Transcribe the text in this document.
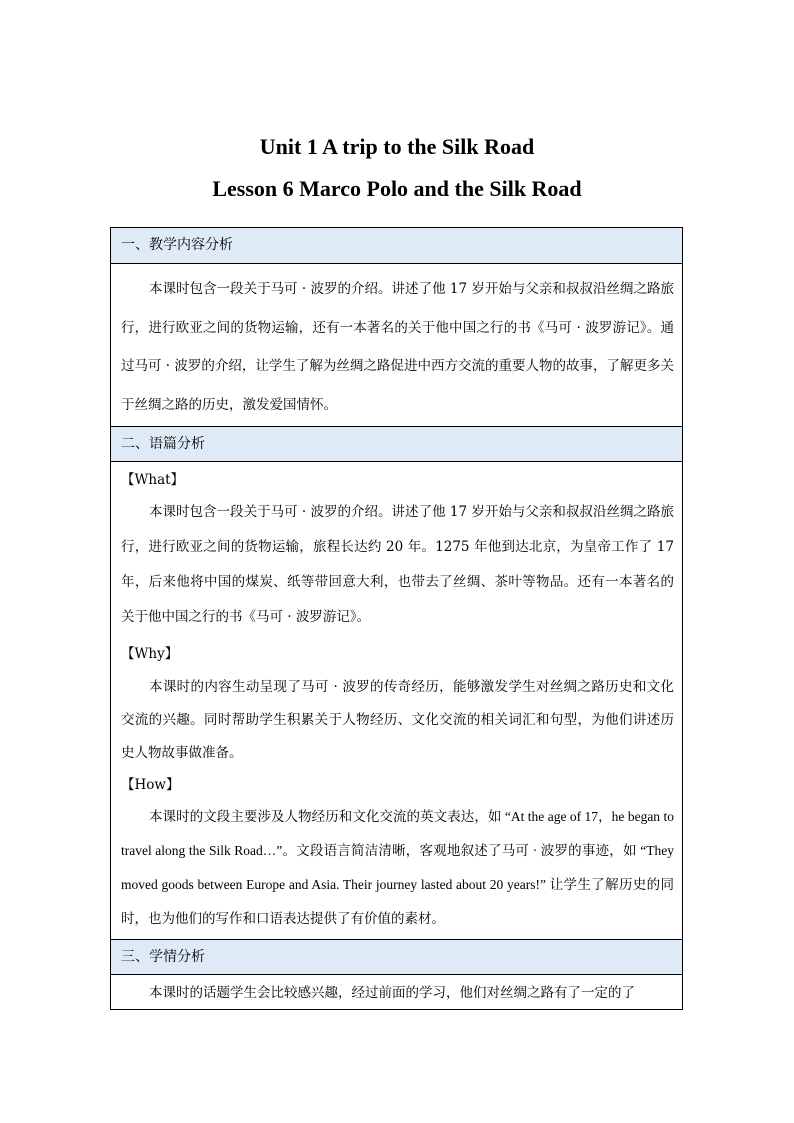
Unit 1 A trip to the Silk Road

Lesson 6 Marco Polo and the Silk Road

一、教学内容分析

本课时包含一段关于马可 · 波罗的介绍。讲述了他 17 岁开始与父亲和叔叔沿丝绸之路旅行，进行欧亚之间的货物运输，还有一本著名的关于他中国之行的书《马可 · 波罗游记》。通过马可 · 波罗的介绍，让学生了解为丝绸之路促进中西方交流的重要人物的故事，了解更多关于丝绸之路的历史，激发爱国情怀。

二、语篇分析

【What】

本课时包含一段关于马可 · 波罗的介绍。讲述了他 17 岁开始与父亲和叔叔沿丝绸之路旅行，进行欧亚之间的货物运输，旅程长达约 20 年。1275 年他到达北京，为皇帝工作了 17 年，后来他将中国的煤炭、纸等带回意大利，也带去了丝绸、茶叶等物品。还有一本著名的关于他中国之行的书《马可 · 波罗游记》。

【Why】

本课时的内容生动呈现了马可 · 波罗的传奇经历，能够激发学生对丝绸之路历史和文化交流的兴趣。同时帮助学生积累关于人物经历、文化交流的相关词汇和句型，为他们讲述历史人物故事做准备。

【How】

本课时的文段主要涉及人物经历和文化交流的英文表达，如 “At the age of 17，he began to travel along the Silk Road…”。文段语言简洁清晰，客观地叙述了马可 · 波罗的事迹，如 “They moved goods between Europe and Asia. Their journey lasted about 20 years!” 让学生了解历史的同时，也为他们的写作和口语表达提供了有价值的素材。

三、学情分析

本课时的话题学生会比较感兴趣，经过前面的学习，他们对丝绸之路有了一定的了
